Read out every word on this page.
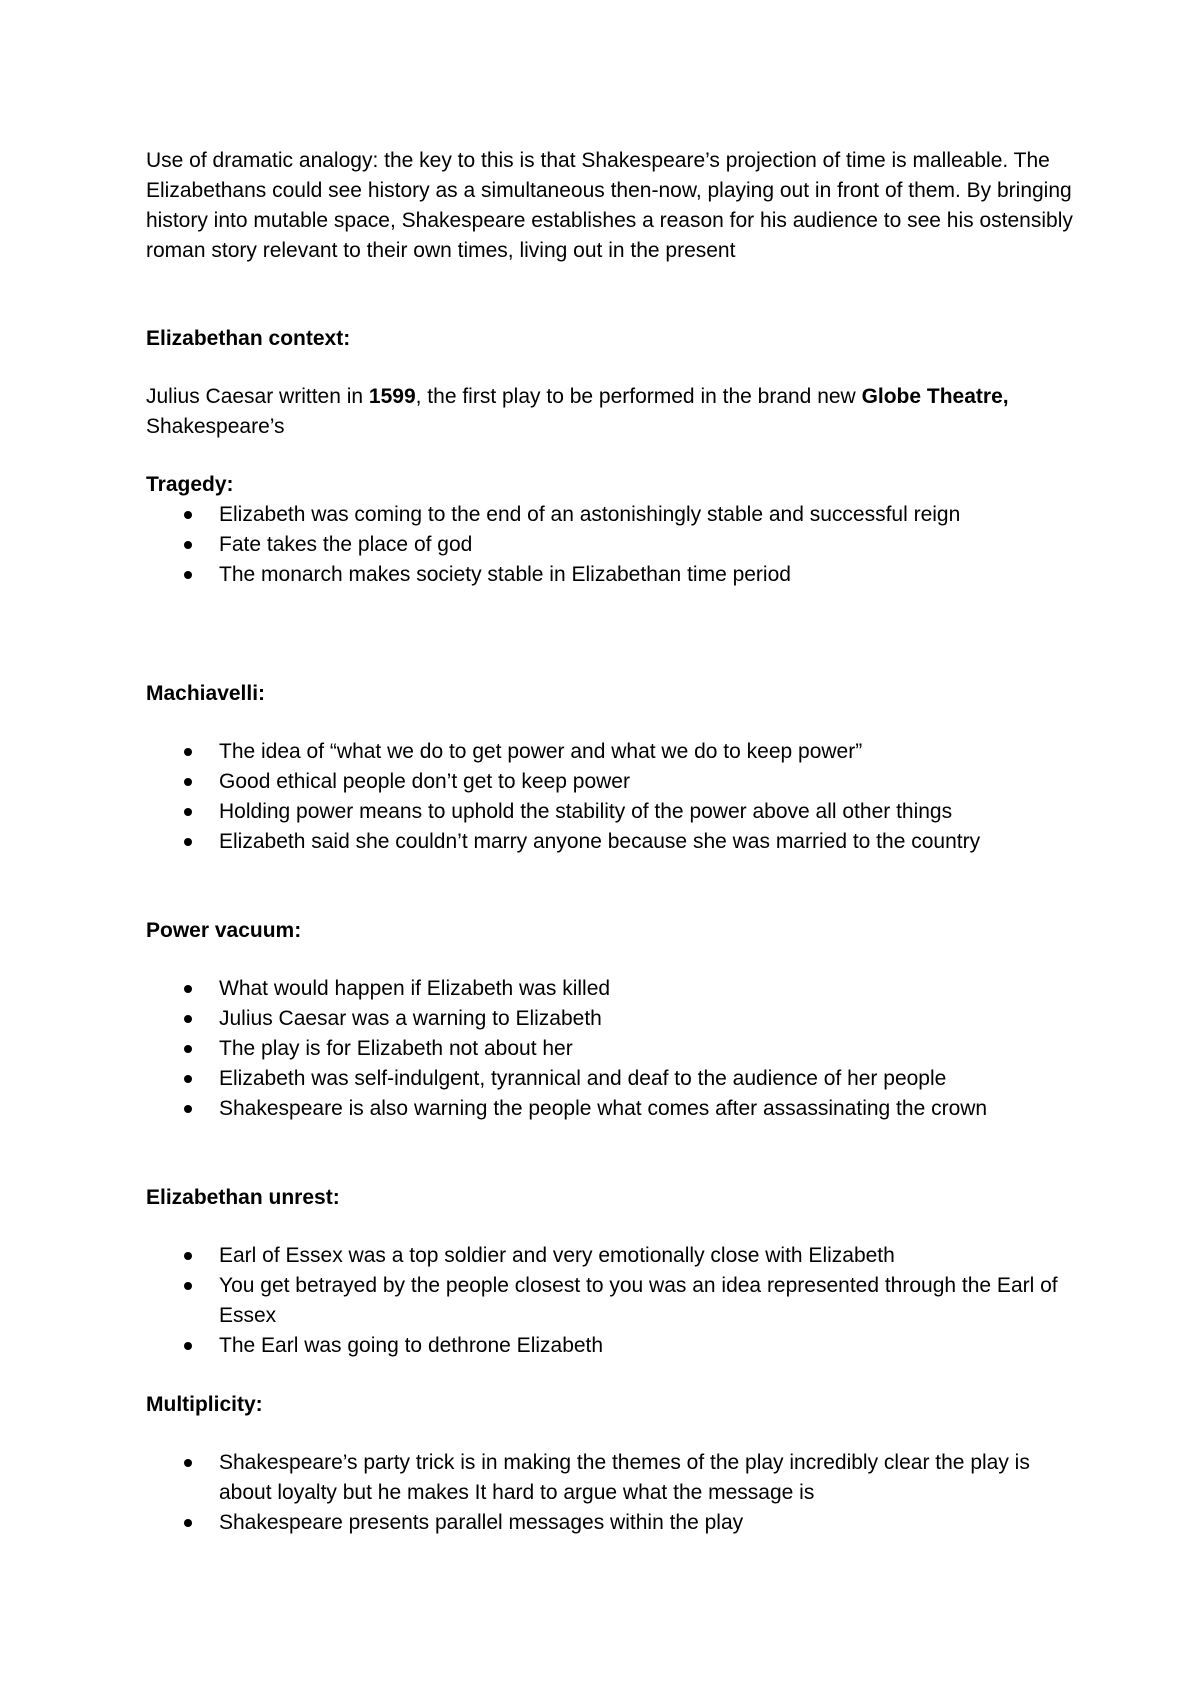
Use of dramatic analogy: the key to this is that Shakespeare’s projection of time is malleable. The Elizabethans could see history as a simultaneous then-now, playing out in front of them. By bringing history into mutable space, Shakespeare establishes a reason for his audience to see his ostensibly roman story relevant to their own times, living out in the present

Elizabethan context:

Julius Caesar written in 1599, the first play to be performed in the brand new Globe Theatre, Shakespeare’s

Tragedy:

Elizabeth was coming to the end of an astonishingly stable and successful reign
Fate takes the place of god
The monarch makes society stable in Elizabethan time period

Machiavelli:

The idea of “what we do to get power and what we do to keep power”
Good ethical people don’t get to keep power
Holding power means to uphold the stability of the power above all other things
Elizabeth said she couldn’t marry anyone because she was married to the country

Power vacuum:

What would happen if Elizabeth was killed
Julius Caesar was a warning to Elizabeth
The play is for Elizabeth not about her
Elizabeth was self-indulgent, tyrannical and deaf to the audience of her people
Shakespeare is also warning the people what comes after assassinating the crown

Elizabethan unrest:

Earl of Essex was a top soldier and very emotionally close with Elizabeth
You get betrayed by the people closest to you was an idea represented through the Earl of Essex
The Earl was going to dethrone Elizabeth

Multiplicity:

Shakespeare’s party trick is in making the themes of the play incredibly clear the play is about loyalty but he makes It hard to argue what the message is
Shakespeare presents parallel messages within the play
